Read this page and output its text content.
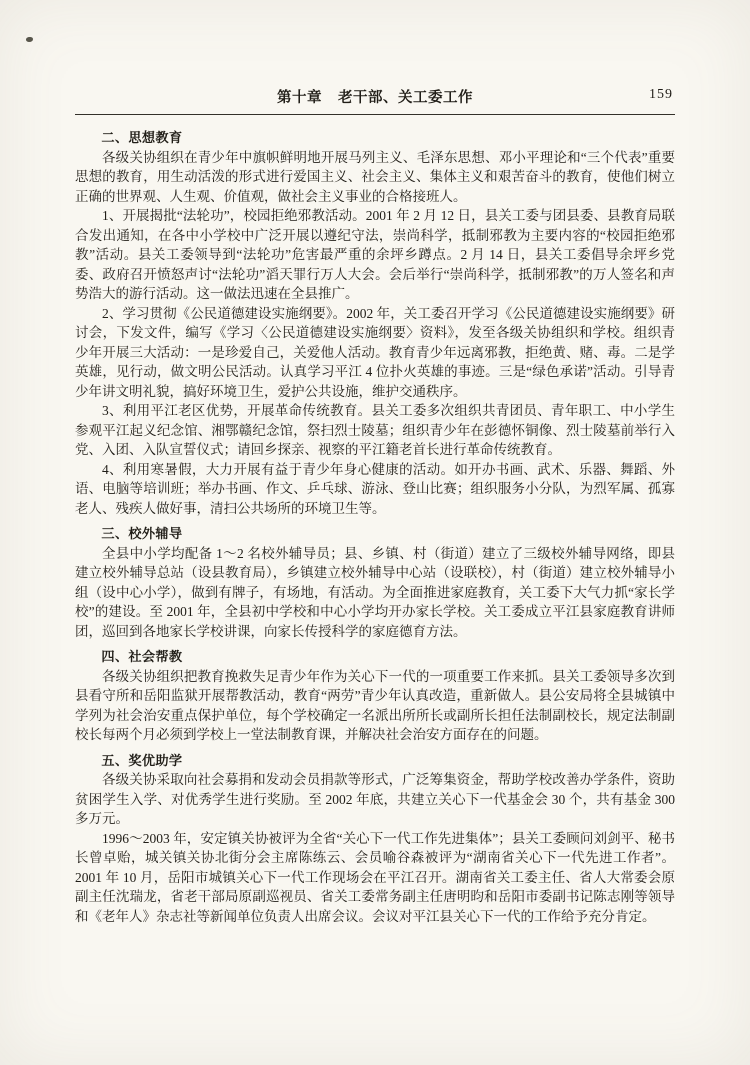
第十章 老干部、关工委工作	159
二、思想教育

各级关协组织在青少年中旗帜鲜明地开展马列主义、毛泽东思想、邓小平理论和“三个代表”重要思想的教育，用生动活泼的形式进行爱国主义、社会主义、集体主义和艰苦奋斗的教育，使他们树立正确的世界观、人生观、价值观，做社会主义事业的合格接班人。

1、开展揭批“法轮功”，校园拒绝邪教活动。2001 年 2 月 12 日，县关工委与团县委、县教育局联合发出通知，在各中小学校中广泛开展以遵纪守法，崇尚科学，抵制邪教为主要内容的“校园拒绝邪教”活动。县关工委领导到“法轮功”危害最严重的余坪乡蹲点。2 月 14 日，县关工委倡导余坪乡党委、政府召开愤怒声讨“法轮功”滔天罪行万人大会。会后举行“崇尚科学，抵制邪教”的万人签名和声势浩大的游行活动。这一做法迅速在全县推广。

2、学习贯彻《公民道德建设实施纲要》。2002 年，关工委召开学习《公民道德建设实施纲要》研讨会，下发文件，编写《学习〈公民道德建设实施纲要〉资料》，发至各级关协组织和学校。组织青少年开展三大活动：一是珍爱自己，关爱他人活动。教育青少年远离邪教，拒绝黄、赌、毒。二是学英雄，见行动，做文明公民活动。认真学习平江 4 位扑火英雄的事迹。三是“绿色承诺”活动。引导青少年讲文明礼貌，搞好环境卫生，爱护公共设施，维护交通秩序。

3、利用平江老区优势，开展革命传统教育。县关工委多次组织共青团员、青年职工、中小学生参观平江起义纪念馆、湘鄂赣纪念馆，祭扫烈士陵墓；组织青少年在彭德怀铜像、烈士陵墓前举行入党、入团、入队宣誓仪式；请回乡探亲、视察的平江籍老首长进行革命传统教育。

4、利用寒暑假，大力开展有益于青少年身心健康的活动。如开办书画、武术、乐器、舞蹈、外语、电脑等培训班；举办书画、作文、乒乓球、游泳、登山比赛；组织服务小分队，为烈军属、孤寡老人、残疾人做好事，清扫公共场所的环境卫生等。

三、校外辅导

全县中小学均配备 1～2 名校外辅导员；县、乡镇、村（街道）建立了三级校外辅导网络，即县建立校外辅导总站（设县教育局），乡镇建立校外辅导中心站（设联校），村（街道）建立校外辅导小组（设中心小学），做到有牌子，有场地，有活动。为全面推进家庭教育，关工委下大气力抓“家长学校”的建设。至 2001 年，全县初中学校和中心小学均开办家长学校。关工委成立平江县家庭教育讲师团，巡回到各地家长学校讲课，向家长传授科学的家庭德育方法。

四、社会帮教

各级关协组织把教育挽救失足青少年作为关心下一代的一项重要工作来抓。县关工委领导多次到县看守所和岳阳监狱开展帮教活动，教育“两劳”青少年认真改造，重新做人。县公安局将全县城镇中学列为社会治安重点保护单位，每个学校确定一名派出所所长或副所长担任法制副校长，规定法制副校长每两个月必须到学校上一堂法制教育课，并解决社会治安方面存在的问题。

五、奖优助学

各级关协采取向社会募捐和发动会员捐款等形式，广泛筹集资金，帮助学校改善办学条件，资助贫困学生入学、对优秀学生进行奖励。至 2002 年底，共建立关心下一代基金会 30 个，共有基金 300 多万元。

1996～2003 年，安定镇关协被评为全省“关心下一代工作先进集体”；县关工委顾问刘剑平、秘书长曾卓贻，城关镇关协北街分会主席陈练云、会员喻谷森被评为“湖南省关心下一代先进工作者”。2001 年 10 月，岳阳市城镇关心下一代工作现场会在平江召开。湖南省关工委主任、省人大常委会原副主任沈瑞龙，省老干部局原副巡视员、省关工委常务副主任唐明昀和岳阳市委副书记陈志刚等领导和《老年人》杂志社等新闻单位负责人出席会议。会议对平江县关心下一代的工作给予充分肯定。
